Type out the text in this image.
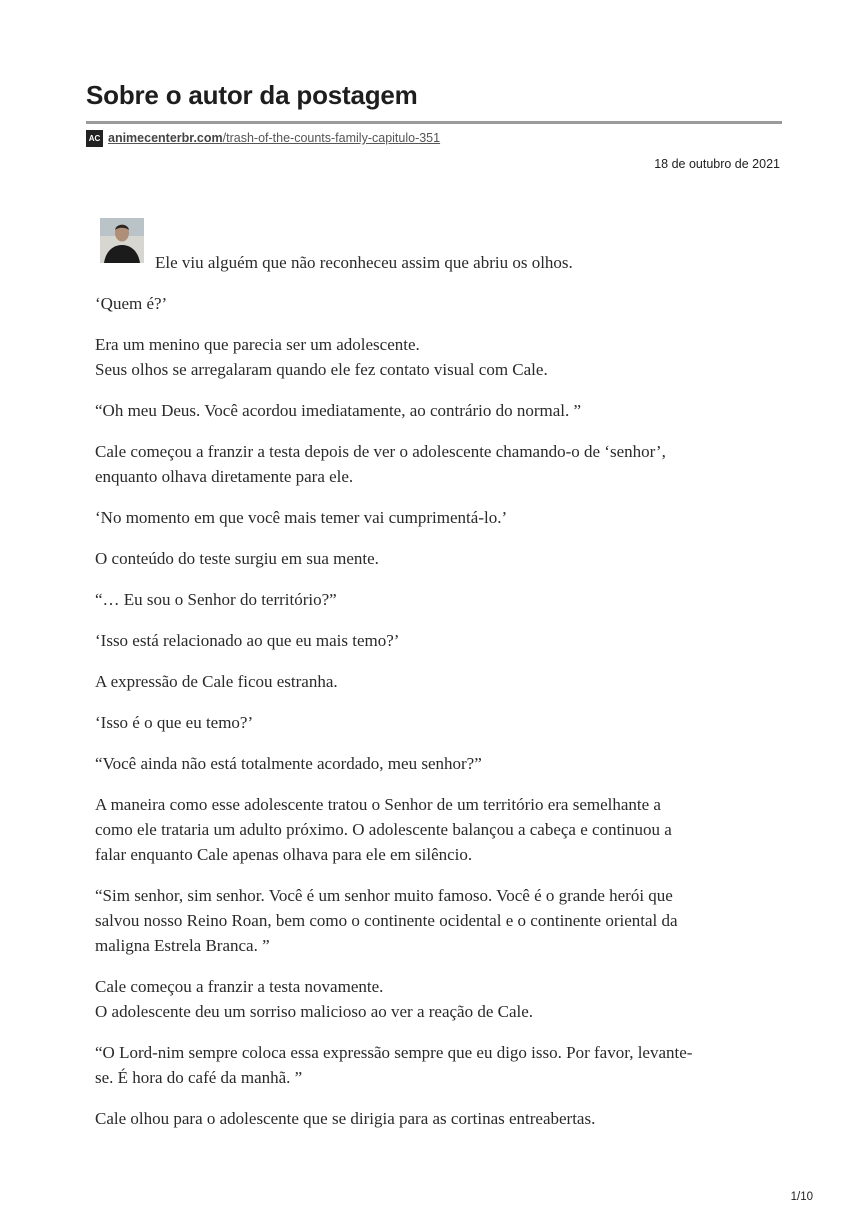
Sobre o autor da postagem
AC animecenterbr.com/trash-of-the-counts-family-capitulo-351
18 de outubro de 2021

Ele viu alguém que não reconheceu assim que abriu os olhos.

‘Quem é?’

Era um menino que parecia ser um adolescente.
Seus olhos se arregalaram quando ele fez contato visual com Cale.

“Oh meu Deus. Você acordou imediatamente, ao contrário do normal. ”

Cale começou a franzir a testa depois de ver o adolescente chamando-o de ‘senhor’,
enquanto olhava diretamente para ele.

‘No momento em que você mais temer vai cumprimentá-lo.’

O conteúdo do teste surgiu em sua mente.

“… Eu sou o Senhor do território?”

‘Isso está relacionado ao que eu mais temo?’

A expressão de Cale ficou estranha.

‘Isso é o que eu temo?’

“Você ainda não está totalmente acordado, meu senhor?”

A maneira como esse adolescente tratou o Senhor de um território era semelhante a
como ele trataria um adulto próximo. O adolescente balançou a cabeça e continuou a
falar enquanto Cale apenas olhava para ele em silêncio.

“Sim senhor, sim senhor. Você é um senhor muito famoso. Você é o grande herói que
salvou nosso Reino Roan, bem como o continente ocidental e o continente oriental da
maligna Estrela Branca. ”

Cale começou a franzir a testa novamente.
O adolescente deu um sorriso malicioso ao ver a reação de Cale.

“O Lord-nim sempre coloca essa expressão sempre que eu digo isso. Por favor, levante-
se. É hora do café da manhã. ”

Cale olhou para o adolescente que se dirigia para as cortinas entreabertas.

1/10
